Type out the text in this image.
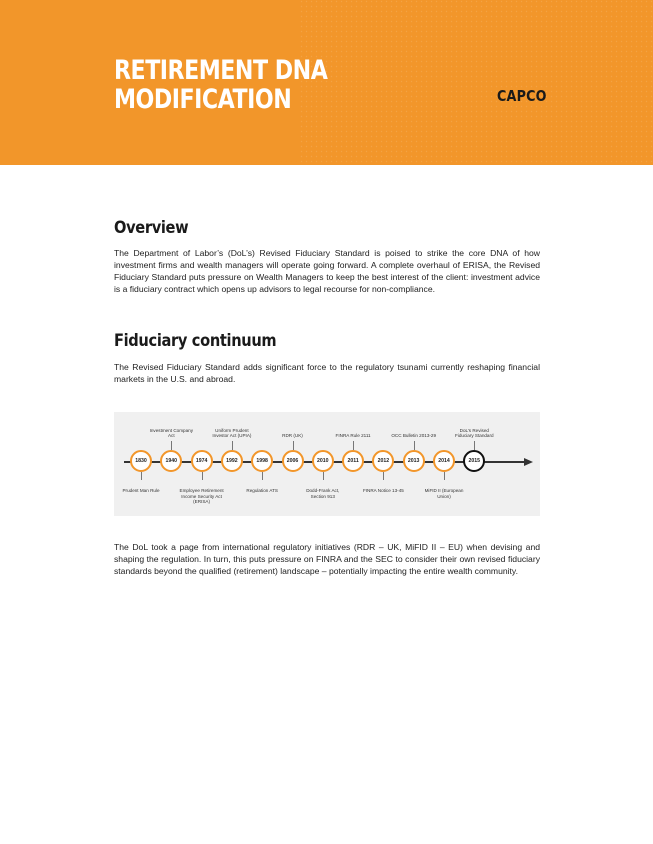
RETIREMENT DNA
MODIFICATION	CAPCO
Overview
The Department of Labor’s (DoL’s) Revised Fiduciary Standard is poised to strike the core DNA of how investment firms and wealth managers will operate going forward. A complete overhaul of ERISA, the Revised Fiduciary Standard puts pressure on Wealth Managers to keep the best interest of the client: investment advice is a fiduciary contract which opens up advisors to legal recourse for non-compliance.
Fiduciary continuum
The Revised Fiduciary Standard adds significant force to the regulatory tsunami currently reshaping financial markets in the U.S. and abroad.
1830
Prudent Man Rule
1940
Investment Company Act
1974
Employee Retirement Income Security Act (ERISA)
1992
Uniform Prudent Investor Act (UPIA)
1998
Regulation ATS
2006
RDR (UK)
2010
Dodd-Frank Act, Section 913
2011
FINRA Rule 2111
2012
FINRA Notice 13-45
2013
OCC Bulletin 2013-29
2014
MiFID II (European Union)
2015
DoL’s Revised Fiduciary Standard
The DoL took a page from international regulatory initiatives (RDR – UK, MiFID II – EU) when devising and shaping the regulation. In turn, this puts pressure on FINRA and the SEC to consider their own revised fiduciary standards beyond the qualified (retirement) landscape – potentially impacting the entire wealth community.
